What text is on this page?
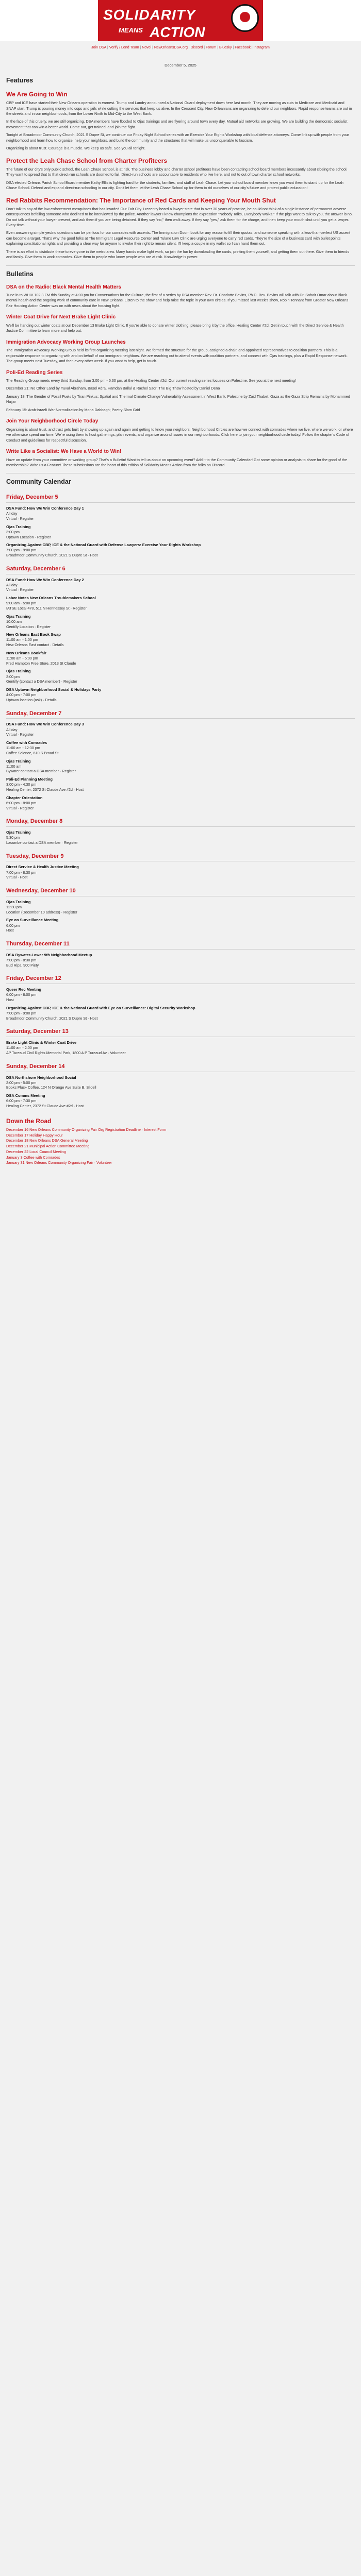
SOLIDARITY
MEANS ACTION
Join DSA | Verify / Lend Team | Novel | NewOrleansDSA.org | Discord | Forum | Bluesky | Facebook | Instagram
December 5, 2025
Features
We Are Going to Win

CBP and ICE have started their New Orleans operation in earnest. Trump and Landry announced a National Guard deployment down here last month. They are moving as cuts to Medicare and Medicaid and SNAP start. Trump is pouring money into cops and jails while cutting the services that keep us alive. In the Crescent City, New Orleanians are organizing to defend our neighbors. Rapid response teams are out in the streets and in our neighborhoods, from the Lower Ninth to Mid-City to the West Bank.

In the face of this cruelty, we are still organizing. DSA members have flooded to Ojas trainings and are flyering around town every day. Mutual aid networks are growing. We are building the democratic socialist movement that can win a better world. Come out, get trained, and join the fight.

Tonight at Broadmoor Community Church, 2021 S Dupre St, we continue our Friday Night School series with an Exercise Your Rights Workshop with local defense attorneys. Come link up with people from your neighborhood and learn how to organize, help your neighbors, and build the community and the structures that will make us unconquerable to fascism.

Organizing is about trust. Courage is a muscle. We keep us safe. See you all tonight.

Protect the Leah Chase School from Charter Profiteers

The future of our city's only public school, the Leah Chase School, is at risk. The business lobby and charter school profiteers have been contacting school board members incessantly about closing the school. They want to spread that to that direct-run schools are doomed to fail. Direct-run schools are accountable to residents who live here, and not to out of town charter school networks.

DSA elected Orleans Parish School Board member Kathy Ellis is fighting hard for the students, families, and staff of Leah Chase. Let your school board member know you want them to stand up for the Leah Chase School. Defend and expand direct-run schooling in our city. Don't let them let the Leah Chase School up for them to rid ourselves of our city's future and protect public education!

Red Rabbits Recommendation: The Importance of Red Cards and Keeping Your Mouth Shut

Don't talk to any of the law enforcement mosquitoes that has invaded Our Fair City. I recently heard a lawyer state that in over 30 years of practice, he could not think of a single instance of permanent adverse consequences befalling someone who declined to be interviewed by the police. Another lawyer I know champions the expression "Nobody Talks, Everybody Walks." If the pigs want to talk to you, the answer is no. Do not talk without your lawyer present, and ask them if you are being detained. If they say "no," then walk away. If they say "yes," ask them for the charge, and then keep your mouth shut until you get a lawyer. Every time.

Even answering simple yes/no questions can be perilous for our comrades with accents. The Immigration Doom book for any reason to fill their quotas, and someone speaking with a less-than-perfect US accent can become a target. That's why the good folks at The Immigrant Legal Resource Center and Tulane Law Clinic are urging everyone to carry red cards. They're the size of a business card with bullet points explaining constitutional rights and providing a clear way for anyone to invoke their right to remain silent. I'll keep a couple in my wallet so I can hand them out.

There is an effort to distribute these to everyone in the metro area. Many hands make light work, so join the fun by downloading the cards, printing them yourself, and getting them out there. Give them to friends and family. Give them to work comrades. Give them to people who know people who are at risk. Knowledge is power.

Bulletins
DSA on the Radio: Black Mental Health Matters

Tune in to WHIV 102.3 FM this Sunday at 4:00 pm for Conversations for the Culture, the first of a series by DSA member Rev. Dr. Charlotte Bevins, Ph.D. Rev. Bevins will talk with Dr. Sohair Omar about Black mental health and the ongoing work of community care in New Orleans. Listen to the show and help raise the topic in your own circles. If you missed last week's show, Robin Tennant from Greater New Orleans Fair Housing Action Center was on with news about the housing fight.

Winter Coat Drive for Next Brake Light Clinic

We'll be handing out winter coats at our December 13 Brake Light Clinic. If you're able to donate winter clothing, please bring it by the office, Healing Center #2d. Get in touch with the Direct Service & Health Justice Committee to learn more and help out.

Immigration Advocacy Working Group Launches

The Immigration Advocacy Working Group held its first organizing meeting last night. We formed the structure for the group, assigned a chair, and appointed representatives to coalition partners. This is a regionwide response to organizing with and on behalf of our immigrant neighbors. We are reaching out to attend events with coalition partners, and connect with Ojas trainings, plus a Rapid Response network. The group meets next Tuesday, and then every other week. If you want to help, get in touch.

Poli-Ed Reading Series

The Reading Group meets every third Sunday, from 3:00 pm - 5:30 pm, at the Healing Center #2d. Our current reading series focuses on Palestine. See you at the next meeting!

December 21: No Other Land by Yuval Abraham, Basel Adra, Hamdan Ballal & Rachel Szor; The Big Thaw hosted by Daniel Dena

January 18: The Gender of Fossil Fuels by Tiran Pinkus; Spatial and Thermal Climate Change Vulnerability Assessment in West Bank, Palestine by Zaid Thabet; Gaza as the Gaza Strip Remains by Mohammed Hajjar

February 15: Arab-Israeli War Normalization by Mona Dabbagh; Poetry Slam Grid

Join Your Neighborhood Circle Today

Organizing is about trust, and trust gets built by showing up again and again and getting to know your neighbors. Neighborhood Circles are how we connect with comrades where we live, where we work, or where we otherwise spend our time. We're using them to host gatherings, plan events, and organize around issues in our neighborhoods. Click here to join your neighborhood circle today! Follow the chapter's Code of Conduct and guidelines for respectful discussion.

Write Like a Socialist: We Have a World to Win!

Have an update from your committee or working group? That's a Bulletin! Want to tell us about an upcoming event? Add it to the Community Calendar! Got some opinion or analysis to share for the good of the membership? Write us a Feature! These submissions are the heart of this edition of Solidarity Means Action from the folks on Discord.

Community Calendar
Friday, December 5
DSA Fund: How We Win Conference Day 1
All day
Virtual · Register
Ojas Training
3:00 pm
Uptown Location · Register
Organizing Against CBP, ICE & the National Guard with Defense Lawyers: Exercise Your Rights Workshop
7:00 pm - 9:00 pm
Broadmoor Community Church, 2021 S Dupre St · Host
Saturday, December 6
DSA Fund: How We Win Conference Day 2
All day
Virtual · Register
Labor Notes New Orleans Troublemakers School
9:00 am - 5:00 pm
IATSE Local 478, 511 N Hennessey St · Register
Ojas Training
10:00 am
Gentilly Location · Register
New Orleans East Book Swap
11:00 am - 1:00 pm
New Orleans East contact · Details
New Orleans Bookfair
11:00 am - 5:00 pm
Fred Hampton Free Store, 2013 St Claude
Ojas Training
2:00 pm
Gentilly (contact a DSA member) · Register
DSA Uptown Neighborhood Social & Holidays Party
4:00 pm - 7:00 pm
Uptown location (ask) · Details
Sunday, December 7
DSA Fund: How We Win Conference Day 3
All day
Virtual · Register
Coffee with Comrades
11:00 am - 12:30 pm
Coffee Science, 610 S Broad St
Ojas Training
11:00 am
Bywater contact a DSA member · Register
Poli-Ed Planning Meeting
3:00 pm - 4:30 pm
Healing Center, 2372 St Claude Ave #2d · Host
Chapter Orientation
6:00 pm - 8:00 pm
Virtual · Register
Monday, December 8
Ojas Training
5:30 pm
Lacombe contact a DSA member · Register
Tuesday, December 9
Direct Service & Health Justice Meeting
7:00 pm - 8:30 pm
Virtual · Host
Wednesday, December 10
Ojas Training
12:30 pm
Location (December 10 address) · Register
Eye on Surveillance Meeting
6:00 pm
Host
Thursday, December 11
DSA Bywater-Lower 9th Neighborhood Meetup
7:00 pm - 8:30 pm
Bud Rips, 900 Piety
Friday, December 12
Queer Rec Meeting
6:00 pm - 8:00 pm
Host
Organizing Against CBP, ICE & the National Guard with Eye on Surveillance: Digital Security Workshop
7:00 pm - 9:00 pm
Broadmoor Community Church, 2021 S Dupre St · Host
Saturday, December 13
Brake Light Clinic & Winter Coat Drive
11:00 am - 2:00 pm
AP Tureaud Civil Rights Memorial Park, 1800 A P Tureaud Av · Volunteer
Sunday, December 14
DSA Northshore Neighborhood Social
2:00 pm - 5:00 pm
Books Plus+ Coffee, 124 N Orange Ave Suite B, Slidell
DSA Comms Meeting
6:00 pm - 7:30 pm
Healing Center, 2372 St Claude Ave #2d · Host
Down the Road
December 16 New Orleans Community Organizing Fair Org Registration Deadline · Interest Form
December 17 Holiday Happy Hour
December 18 New Orleans DSA General Meeting
December 21 Municipal Action Committee Meeting
December 22 Local Council Meeting
January 3 Coffee with Comrades
January 31 New Orleans Community Organizing Fair · Volunteer
